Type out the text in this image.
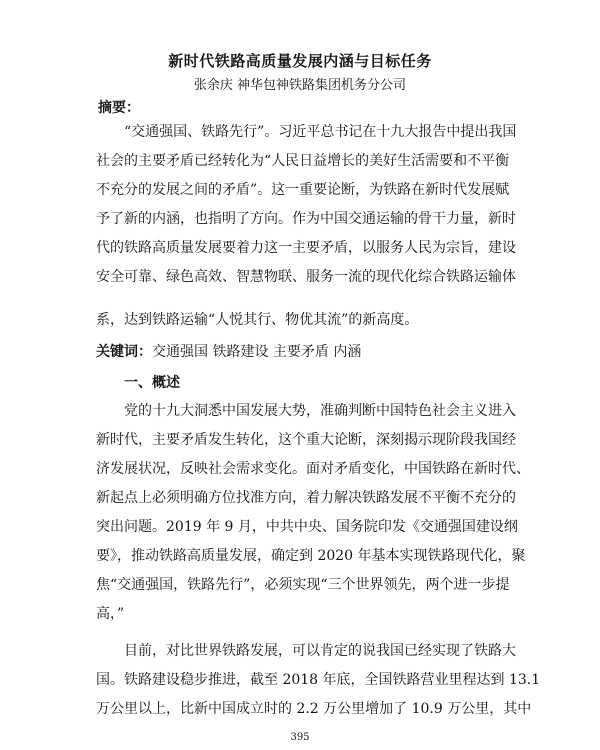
新时代铁路高质量发展内涵与目标任务
张余庆 神华包神铁路集团机务分公司
摘要：
“交通强国、铁路先行”。习近平总书记在十九大报告中提出我国
社会的主要矛盾已经转化为“人民日益增长的美好生活需要和不平衡
不充分的发展之间的矛盾”。这一重要论断，为铁路在新时代发展赋
予了新的内涵，也指明了方向。作为中国交通运输的骨干力量，新时
代的铁路高质量发展要着力这一主要矛盾，以服务人民为宗旨，建设
安全可靠、绿色高效、智慧物联、服务一流的现代化综合铁路运输体
系，达到铁路运输“人悦其行、物优其流”的新高度。
关键词：交通强国 铁路建设 主要矛盾 内涵
一、概述
党的十九大洞悉中国发展大势，准确判断中国特色社会主义进入
新时代，主要矛盾发生转化，这个重大论断，深刻揭示现阶段我国经
济发展状况，反映社会需求变化。面对矛盾变化，中国铁路在新时代、
新起点上必须明确方位找准方向，着力解决铁路发展不平衡不充分的
突出问题。2019 年 9 月，中共中央、国务院印发《交通强国建设纲
要》，推动铁路高质量发展，确定到 2020 年基本实现铁路现代化，聚
焦“交通强国，铁路先行”，必须实现“三个世界领先，两个进一步提
高，”
目前，对比世界铁路发展，可以肯定的说我国已经实现了铁路大
国。铁路建设稳步推进，截至 2018 年底，全国铁路营业里程达到 13.1
万公里以上，比新中国成立时的 2.2 万公里增加了 10.9 万公里，其中
395
